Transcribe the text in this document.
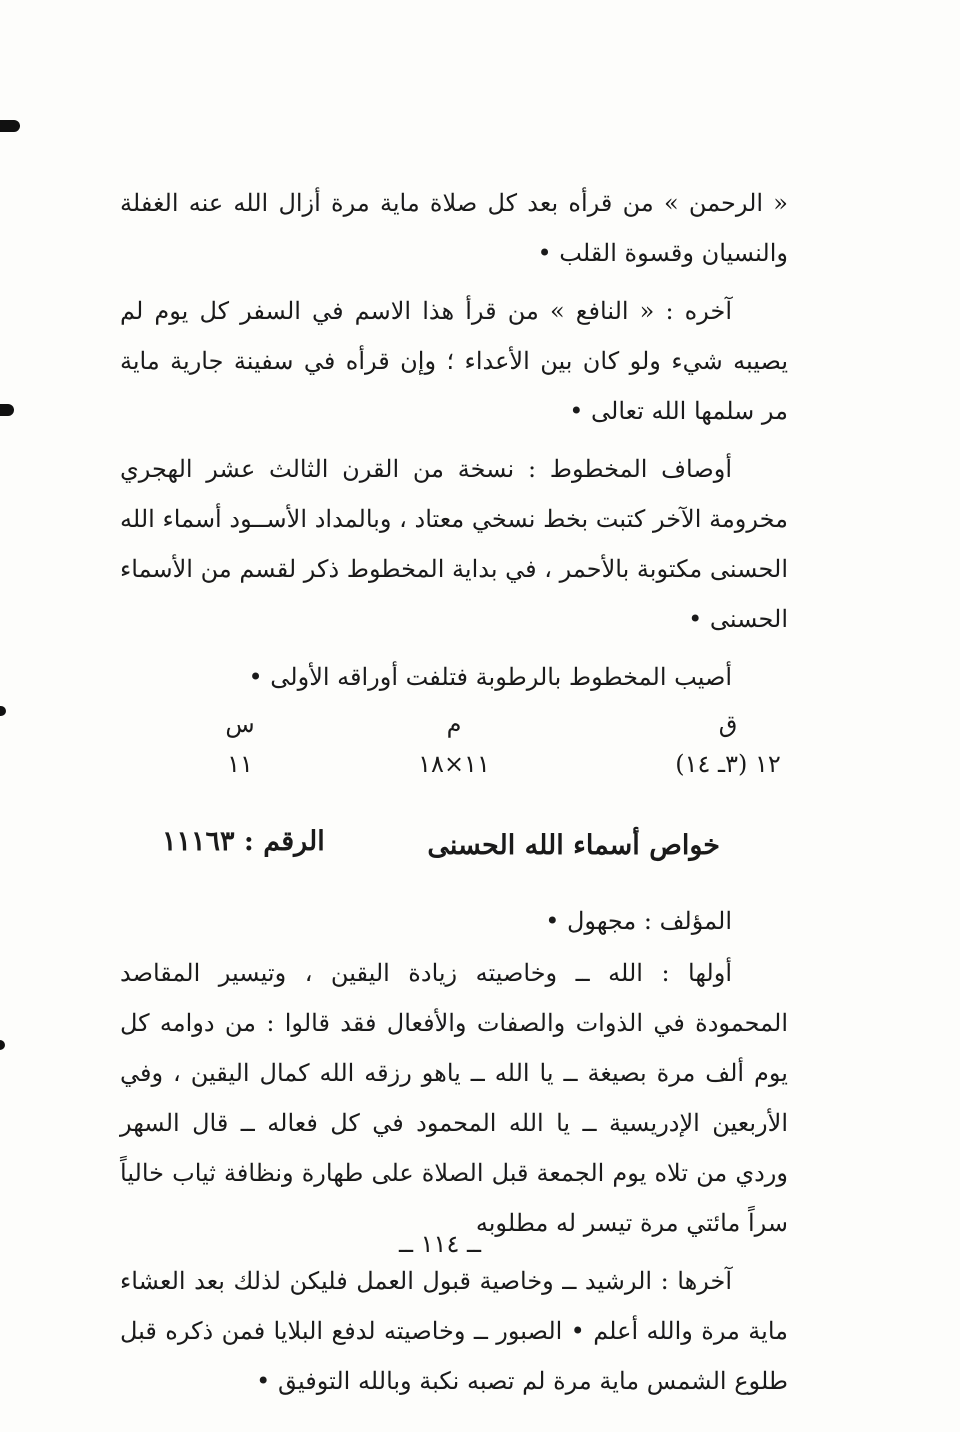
« الرحمن » من قرأه بعد كل صلاة ماية مرة أزال الله عنه الغفلة والنسيان وقسوة القلب •

آخره : « النافع » من قرأ هذا الاسم في السفر كل يوم لم يصيبه شيء ولو كان بين الأعداء ؛ وإن قرأه في سفينة جارية ماية مر سلمها الله تعالى •

أوصاف المخطوط : نسخة من القرن الثالث عشر الهجري مخرومة الآخر كتبت بخط نسخي معتاد ، وبالمداد الأســود أسماء الله الحسنى مكتوبة بالأحمر ، في بداية المخطوط ذكر لقسم من الأسماء الحسنى •

أصيب المخطوط بالرطوبة فتلفت أوراقه الأولى •

ق
١٢ (٣ـ ١٤)
م
١١×١٨
س
١١
خواص أسماء الله الحسنى
الرقم : ١١١٦٣

المؤلف : مجهول •

أولها : الله ــ وخاصيته زيادة اليقين ، وتيسير المقاصد المحمودة في الذوات والصفات والأفعال فقد قالوا : من دوامه كل يوم ألف مرة بصيغة ــ يا الله ــ ياهو رزقه الله كمال اليقين ، وفي الأربعين الإدريسية ــ يا الله المحمود في كل فعاله ــ قال السهر وردي من تلاه يوم الجمعة قبل الصلاة على طهارة ونظافة ثياب خالياً سراً مائتي مرة تيسر له مطلوبه

آخرها : الرشيد ــ وخاصية قبول العمل فليكن لذلك بعد العشاء ماية مرة والله أعلم • الصبور ــ وخاصيته لدفع البلايا فمن ذكره قبل طلوع الشمس ماية مرة لم تصبه نكبة وبالله التوفيق •

ــ ١١٤ ــ
